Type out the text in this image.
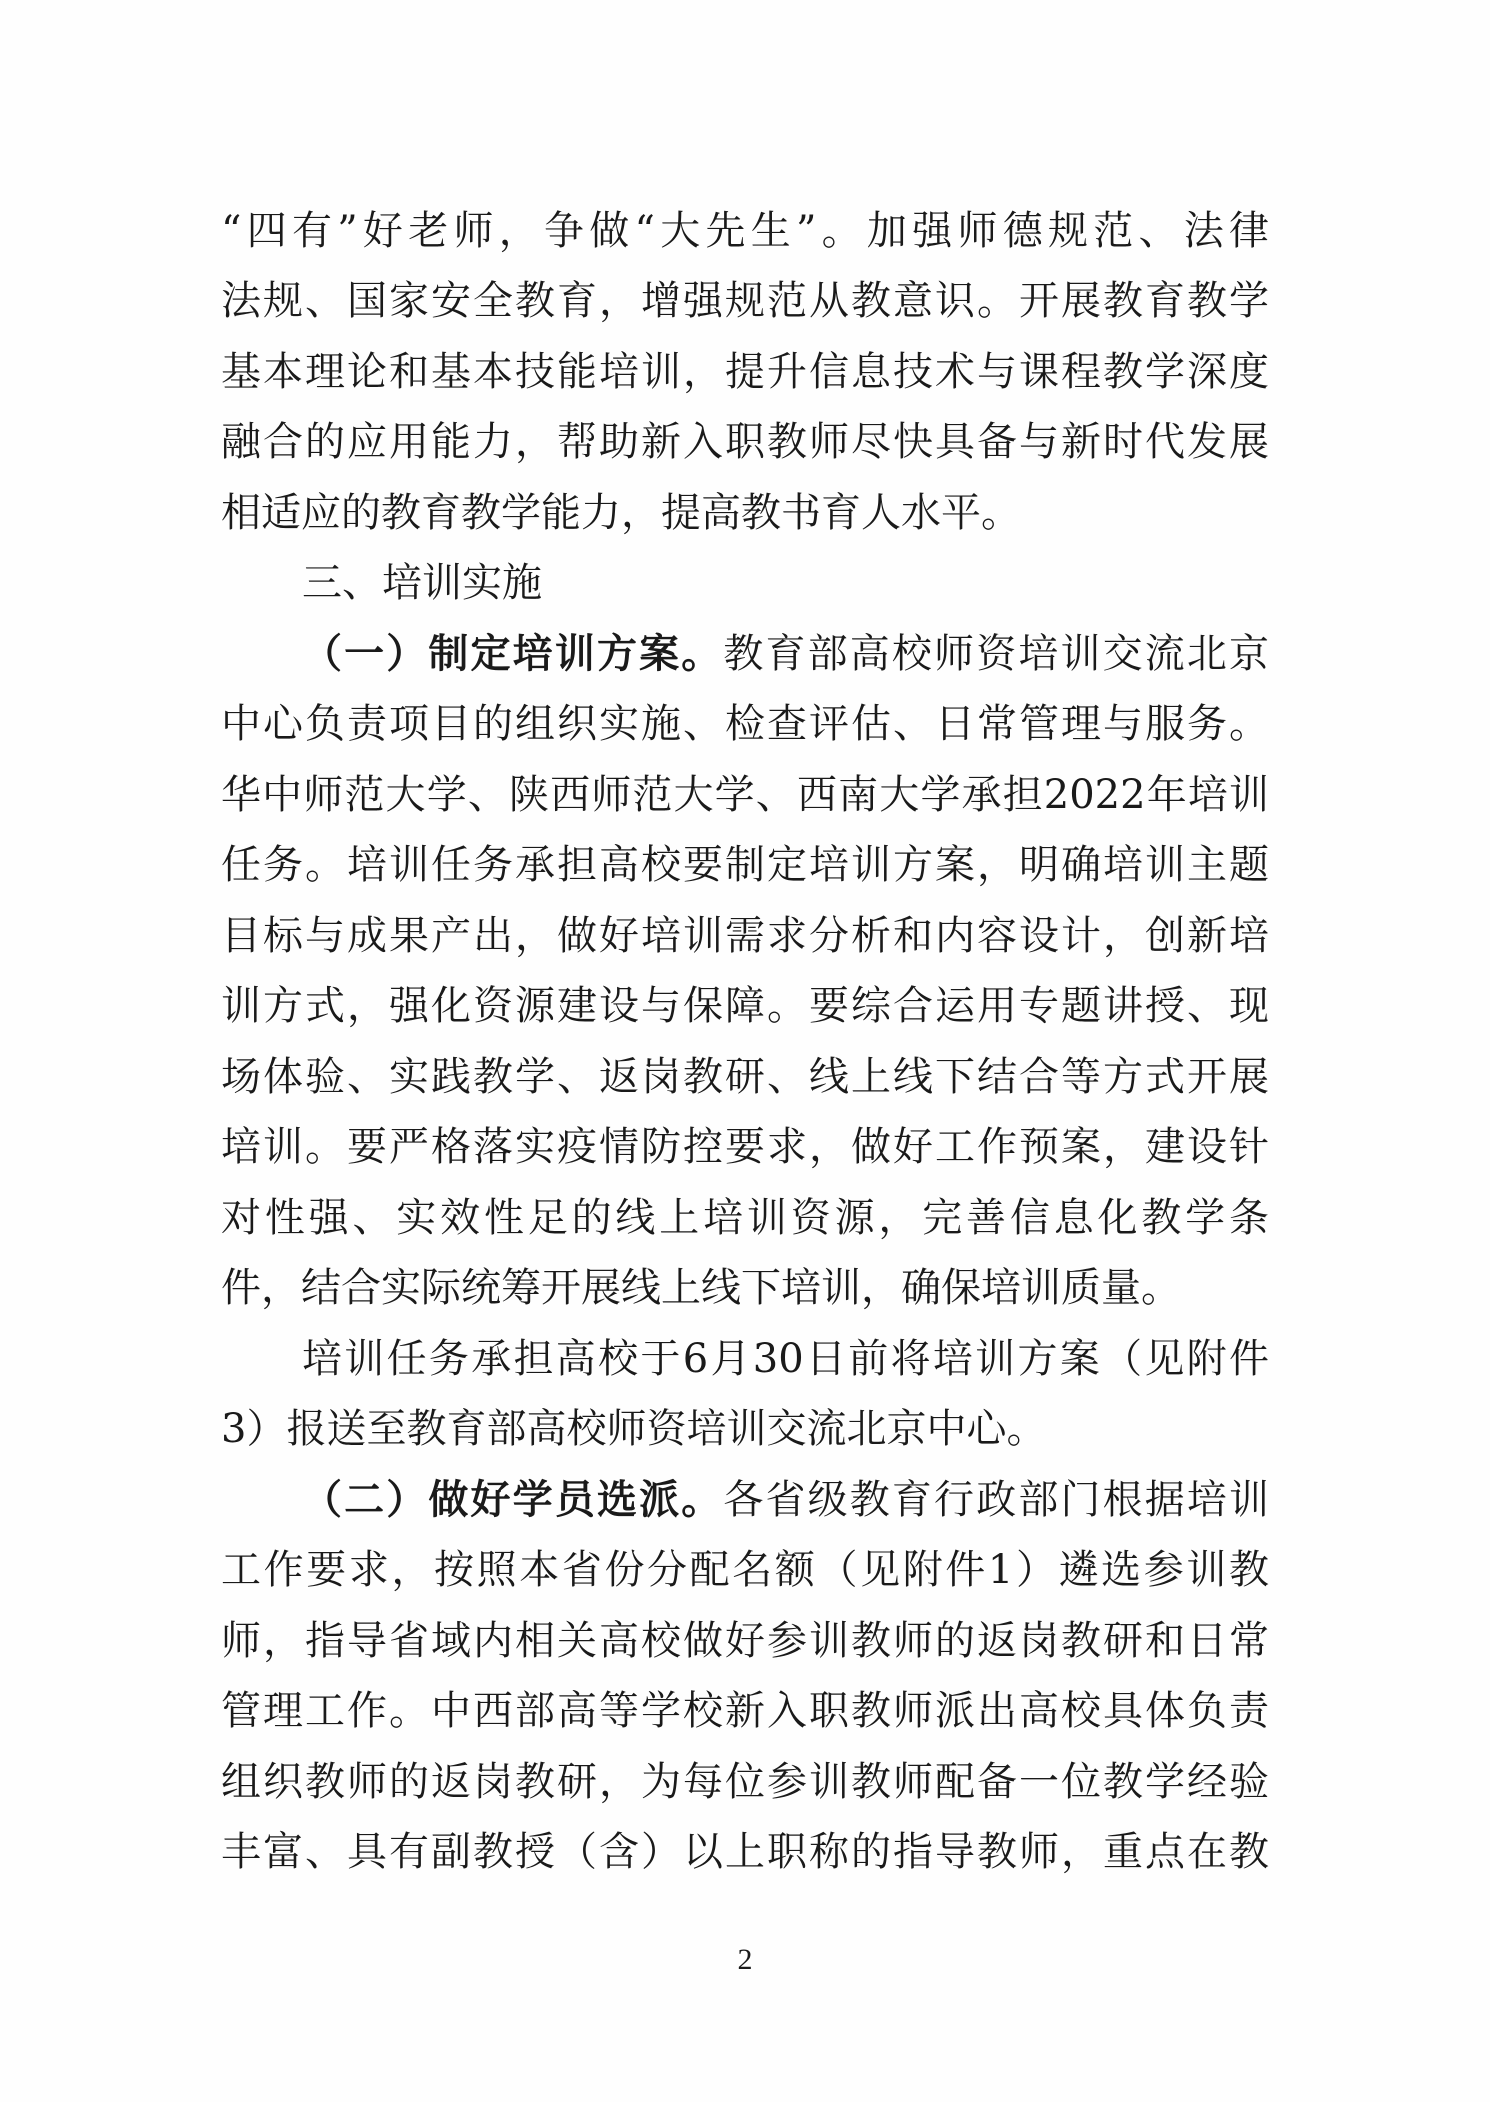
“四有”好老师，争做“大先生”。加强师德规范、法律
法规、国家安全教育，增强规范从教意识。开展教育教学
基本理论和基本技能培训，提升信息技术与课程教学深度
融合的应用能力，帮助新入职教师尽快具备与新时代发展
相适应的教育教学能力，提高教书育人水平。
三、培训实施
（一）制定培训方案。教育部高校师资培训交流北京
中心负责项目的组织实施、检查评估、日常管理与服务。
华中师范大学、陕西师范大学、西南大学承担2022年培训
任务。培训任务承担高校要制定培训方案，明确培训主题
目标与成果产出，做好培训需求分析和内容设计，创新培
训方式，强化资源建设与保障。要综合运用专题讲授、现
场体验、实践教学、返岗教研、线上线下结合等方式开展
培训。要严格落实疫情防控要求，做好工作预案，建设针
对性强、实效性足的线上培训资源，完善信息化教学条
件，结合实际统筹开展线上线下培训，确保培训质量。
培训任务承担高校于6月30日前将培训方案（见附件
3）报送至教育部高校师资培训交流北京中心。
（二）做好学员选派。各省级教育行政部门根据培训
工作要求，按照本省份分配名额（见附件1）遴选参训教
师，指导省域内相关高校做好参训教师的返岗教研和日常
管理工作。中西部高等学校新入职教师派出高校具体负责
组织教师的返岗教研，为每位参训教师配备一位教学经验
丰富、具有副教授（含）以上职称的指导教师，重点在教
2
